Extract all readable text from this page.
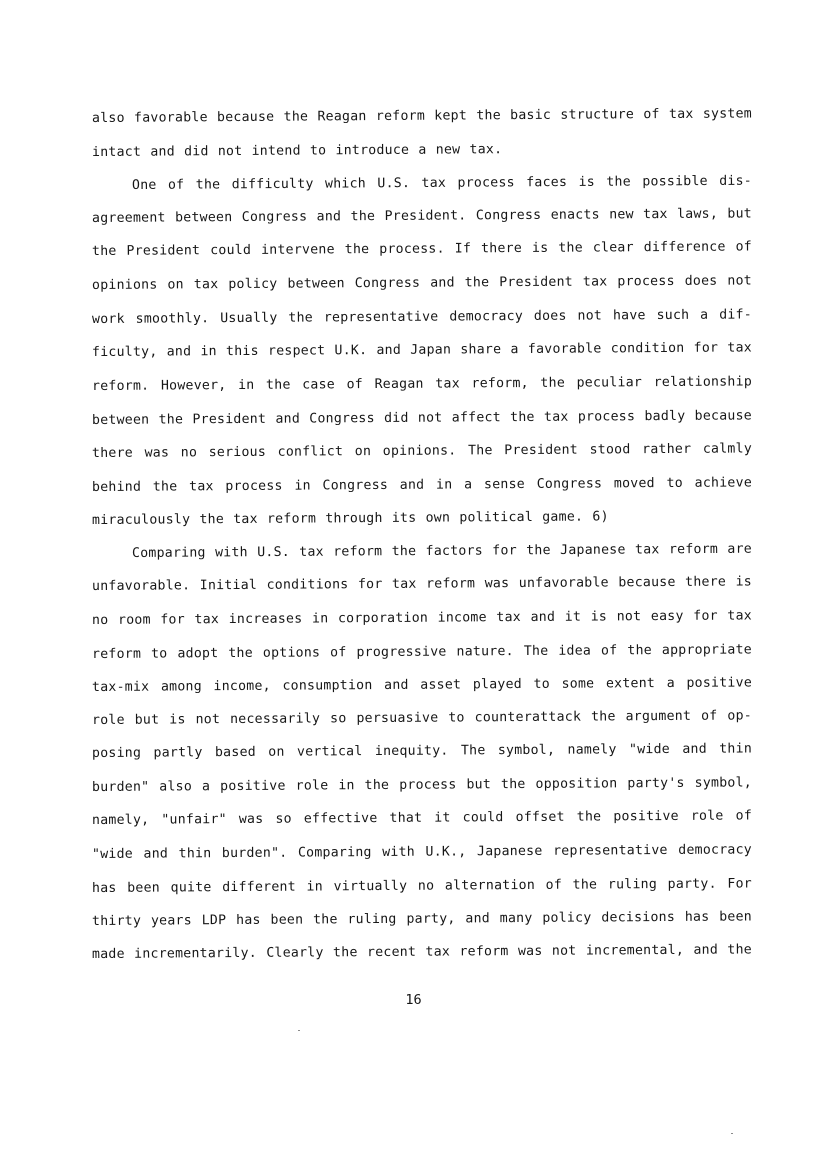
also favorable because the Reagan reform kept the basic structure of tax system
intact and did not intend to introduce a new tax.
One of the difficulty which U.S. tax process faces is the possible dis-
agreement between Congress and the President. Congress enacts new tax laws, but
the President could intervene the process. If there is the clear difference of
opinions on tax policy between Congress and the President tax process does not
work smoothly. Usually the representative democracy does not have such a dif-
ficulty, and in this respect U.K. and Japan share a favorable condition for tax
reform. However, in the case of Reagan tax reform, the peculiar relationship
between the President and Congress did not affect the tax process badly because
there was no serious conflict on opinions. The President stood rather calmly
behind the tax process in Congress and in a sense Congress moved to achieve
miraculously the tax reform through its own political game. 6)
Comparing with U.S. tax reform the factors for the Japanese tax reform are
unfavorable. Initial conditions for tax reform was unfavorable because there is
no room for tax increases in corporation income tax and it is not easy for tax
reform to adopt the options of progressive nature. The idea of the appropriate
tax-mix among income, consumption and asset played to some extent a positive
role but is not necessarily so persuasive to counterattack the argument of op-
posing partly based on vertical inequity. The symbol, namely "wide and thin
burden" also a positive role in the process but the opposition party's symbol,
namely, "unfair" was so effective that it could offset the positive role of
"wide and thin burden". Comparing with U.K., Japanese representative democracy
has been quite different in virtually no alternation of the ruling party. For
thirty years LDP has been the ruling party, and many policy decisions has been
made incrementarily. Clearly the recent tax reform was not incremental, and the
16
